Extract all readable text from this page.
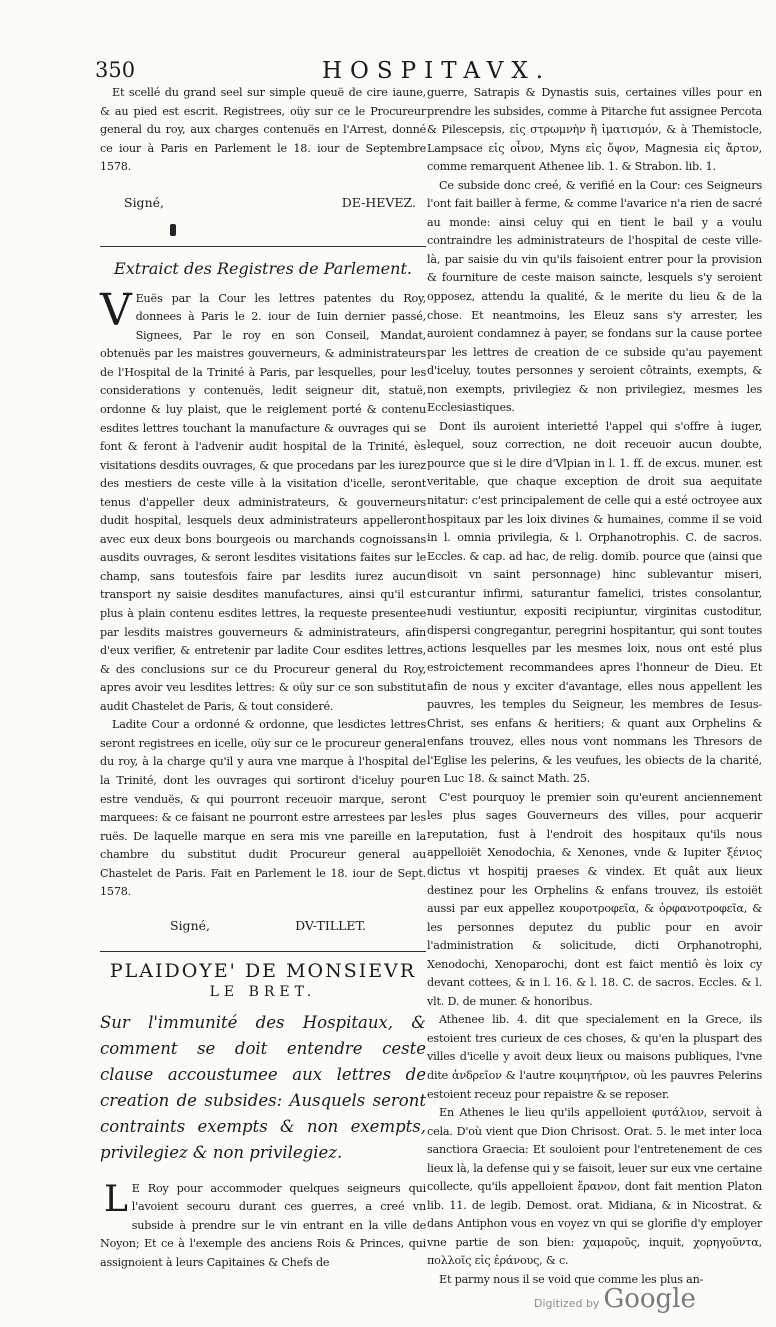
350	HOSPITAVX.

Et scellé du grand seel sur simple queuë de cire iaune, & au pied est escrit. Registrees, oüy sur ce le Procureur general du roy, aux charges contenuës en l'Arrest, donné ce iour à Paris en Parlement le 18. iour de Septembre 1578.

Signé,	DE-HEVEZ.
Extraict des Registres de Parlement.
V Euës par la Cour les lettres patentes du Roy, donnees à Paris le 2. iour de Iuin dernier passé, Signees, Par le roy en son Conseil, Mandat, obtenuës par les maistres gouverneurs, & administrateurs de l'Hospital de la Trinité à Paris, par lesquelles, pour les considerations y contenuës, ledit seigneur dit, statuë, ordonne & luy plaist, que le reiglement porté & contenu esdites lettres touchant la manufacture & ouvrages qui se font & feront à l'advenir audit hospital de la Trinité, ès visitations desdits ouvrages, & que procedans par les iurez des mestiers de ceste ville à la visitation d'icelle, seront tenus d'appeller deux administrateurs, & gouverneurs dudit hospital, lesquels deux administrateurs appelleront avec eux deux bons bourgeois ou marchands cognoissans ausdits ouvrages, & seront lesdites visitations faites sur le champ, sans toutesfois faire par lesdits iurez aucun transport ny saisie desdites manufactures, ainsi qu'il est plus à plain contenu esdites lettres, la requeste presentee par lesdits maistres gouverneurs & administrateurs, afin d'eux verifier, & entretenir par ladite Cour esdites lettres, & des conclusions sur ce du Procureur general du Roy, apres avoir veu lesdites lettres: & oüy sur ce son substitut audit Chastelet de Paris, & tout consideré.

Ladite Cour a ordonné & ordonne, que lesdictes lettres seront registrees en icelle, oüy sur ce le procureur general du roy, à la charge qu'il y aura vne marque à l'hospital de la Trinité, dont les ouvrages qui sortiront d'iceluy pour estre venduës, & qui pourront receuoir marque, seront marquees: & ce faisant ne pourront estre arrestees par les ruës. De laquelle marque en sera mis vne pareille en la chambre du substitut dudit Procureur general au Chastelet de Paris. Fait en Parlement le 18. iour de Sept. 1578.

Signé,	DV-TILLET.
PLAIDOYE' DE MONSIEVR
LE BRET.

Sur l'immunité des Hospitaux, & comment se doit entendre ceste clause accoustumee aux lettres de creation de subsides: Ausquels seront contraints exempts & non exempts, privilegiez & non privilegiez.

L E Roy pour accommoder quelques seigneurs qui l'avoient secouru durant ces guerres, a creé vn subside à prendre sur le vin entrant en la ville de Noyon; Et ce à l'exemple des anciens Rois & Princes, qui assignoient à leurs Capitaines & Chefs de

guerre, Satrapis & Dynastis suis, certaines villes pour en prendre les subsides, comme à Pitarche fut assignee Percota & Pilescepsis, εἰς στρωμνὴν ἢ ἱματισμόν, & à Themistocle, Lampsace εἰς οἶνον, Myns εἰς ὄψον, Magnesia εἰς ἄρτον, comme remarquent Athenee lib. 1. & Strabon. lib. 1.

Ce subside donc creé, & verifié en la Cour: ces Seigneurs l'ont fait bailler à ferme, & comme l'avarice n'a rien de sacré au monde: ainsi celuy qui en tient le bail y a voulu contraindre les administrateurs de l'hospital de ceste ville-là, par saisie du vin qu'ils faisoient entrer pour la provision & fourniture de ceste maison saincte, lesquels s'y seroient opposez, attendu la qualité, & le merite du lieu & de la chose. Et neantmoins, les Eleuz sans s'y arrester, les auroient condamnez à payer, se fondans sur la cause portee par les lettres de creation de ce subside qu'au payement d'iceluy, toutes personnes y seroient côtraints, exempts, & non exempts, privilegiez & non privilegiez, mesmes les Ecclesiastiques.

Dont ils auroient interietté l'appel qui s'offre à iuger, lequel, souz correction, ne doit receuoir aucun doubte, pource que si le dire d'Vlpian in l. 1. ff. de excus. muner. est veritable, que chaque exception de droit sua aequitate nitatur: c'est principalement de celle qui a esté octroyee aux hospitaux par les loix divines & humaines, comme il se void in l. omnia privilegia, & l. Orphanotrophis. C. de sacros. Eccles. & cap. ad hac, de relig. domib. pource que (ainsi que disoit vn saint personnage) hinc sublevantur miseri, curantur infirmi, saturantur famelici, tristes consolantur, nudi vestiuntur, expositi recipiuntur, virginitas custoditur, dispersi congregantur, peregrini hospitantur, qui sont toutes actions lesquelles par les mesmes loix, nous ont esté plus estroictement recommandees apres l'honneur de Dieu. Et afin de nous y exciter d'avantage, elles nous appellent les pauvres, les temples du Seigneur, les membres de Iesus-Christ, ses enfans & heritiers; & quant aux Orphelins & enfans trouvez, elles nous vont nommans les Thresors de l'Eglise les pelerins, & les veufues, les obiects de la charité, en Luc 18. & sainct Math. 25.

C'est pourquoy le premier soin qu'eurent anciennement les plus sages Gouverneurs des villes, pour acquerir reputation, fust à l'endroit des hospitaux qu'ils nous appelloiët Xenodochia, & Xenones, vnde & Iupiter ξένιος dictus vt hospitij praeses & vindex. Et quât aux lieux destinez pour les Orphelins & enfans trouvez, ils estoiët aussi par eux appellez κουροτροφεῖα, & ὀρφανοτροφεῖα, & les personnes deputez du public pour en avoir l'administration & solicitude, dicti Orphanotrophi, Xenodochi, Xenoparochi, dont est faict mentiô ès loix cy devant cottees, & in l. 16. & l. 18. C. de sacros. Eccles. & l. vlt. D. de muner. & honoribus.

Athenee lib. 4. dit que specialement en la Grece, ils estoient tres curieux de ces choses, & qu'en la pluspart des villes d'icelle y avoit deux lieux ou maisons publiques, l'vne dite ἀνδρεῖον & l'autre κοιμητήριον, où les pauvres Pelerins estoient receuz pour repaistre & se reposer.

En Athenes le lieu qu'ils appelloient φυτάλιον, servoit à cela. D'où vient que Dion Chrisost. Orat. 5. le met inter loca sanctiora Graecia: Et souloient pour l'entretenement de ces lieux là, la defense qui y se faisoit, leuer sur eux vne certaine collecte, qu'ils appelloient ἔρανον, dont fait mention Platon lib. 11. de legib. Demost. orat. Midiana, & in Nicostrat. & dans Antiphon vous en voyez vn qui se glorifie d'y employer vne partie de son bien: χαμαροῦς, inquit, χορηγοῦντα, πολλοῖς εἰς ἐράνους, & c.

Et parmy nous il se void que comme les plus an-

Digitized by Google
